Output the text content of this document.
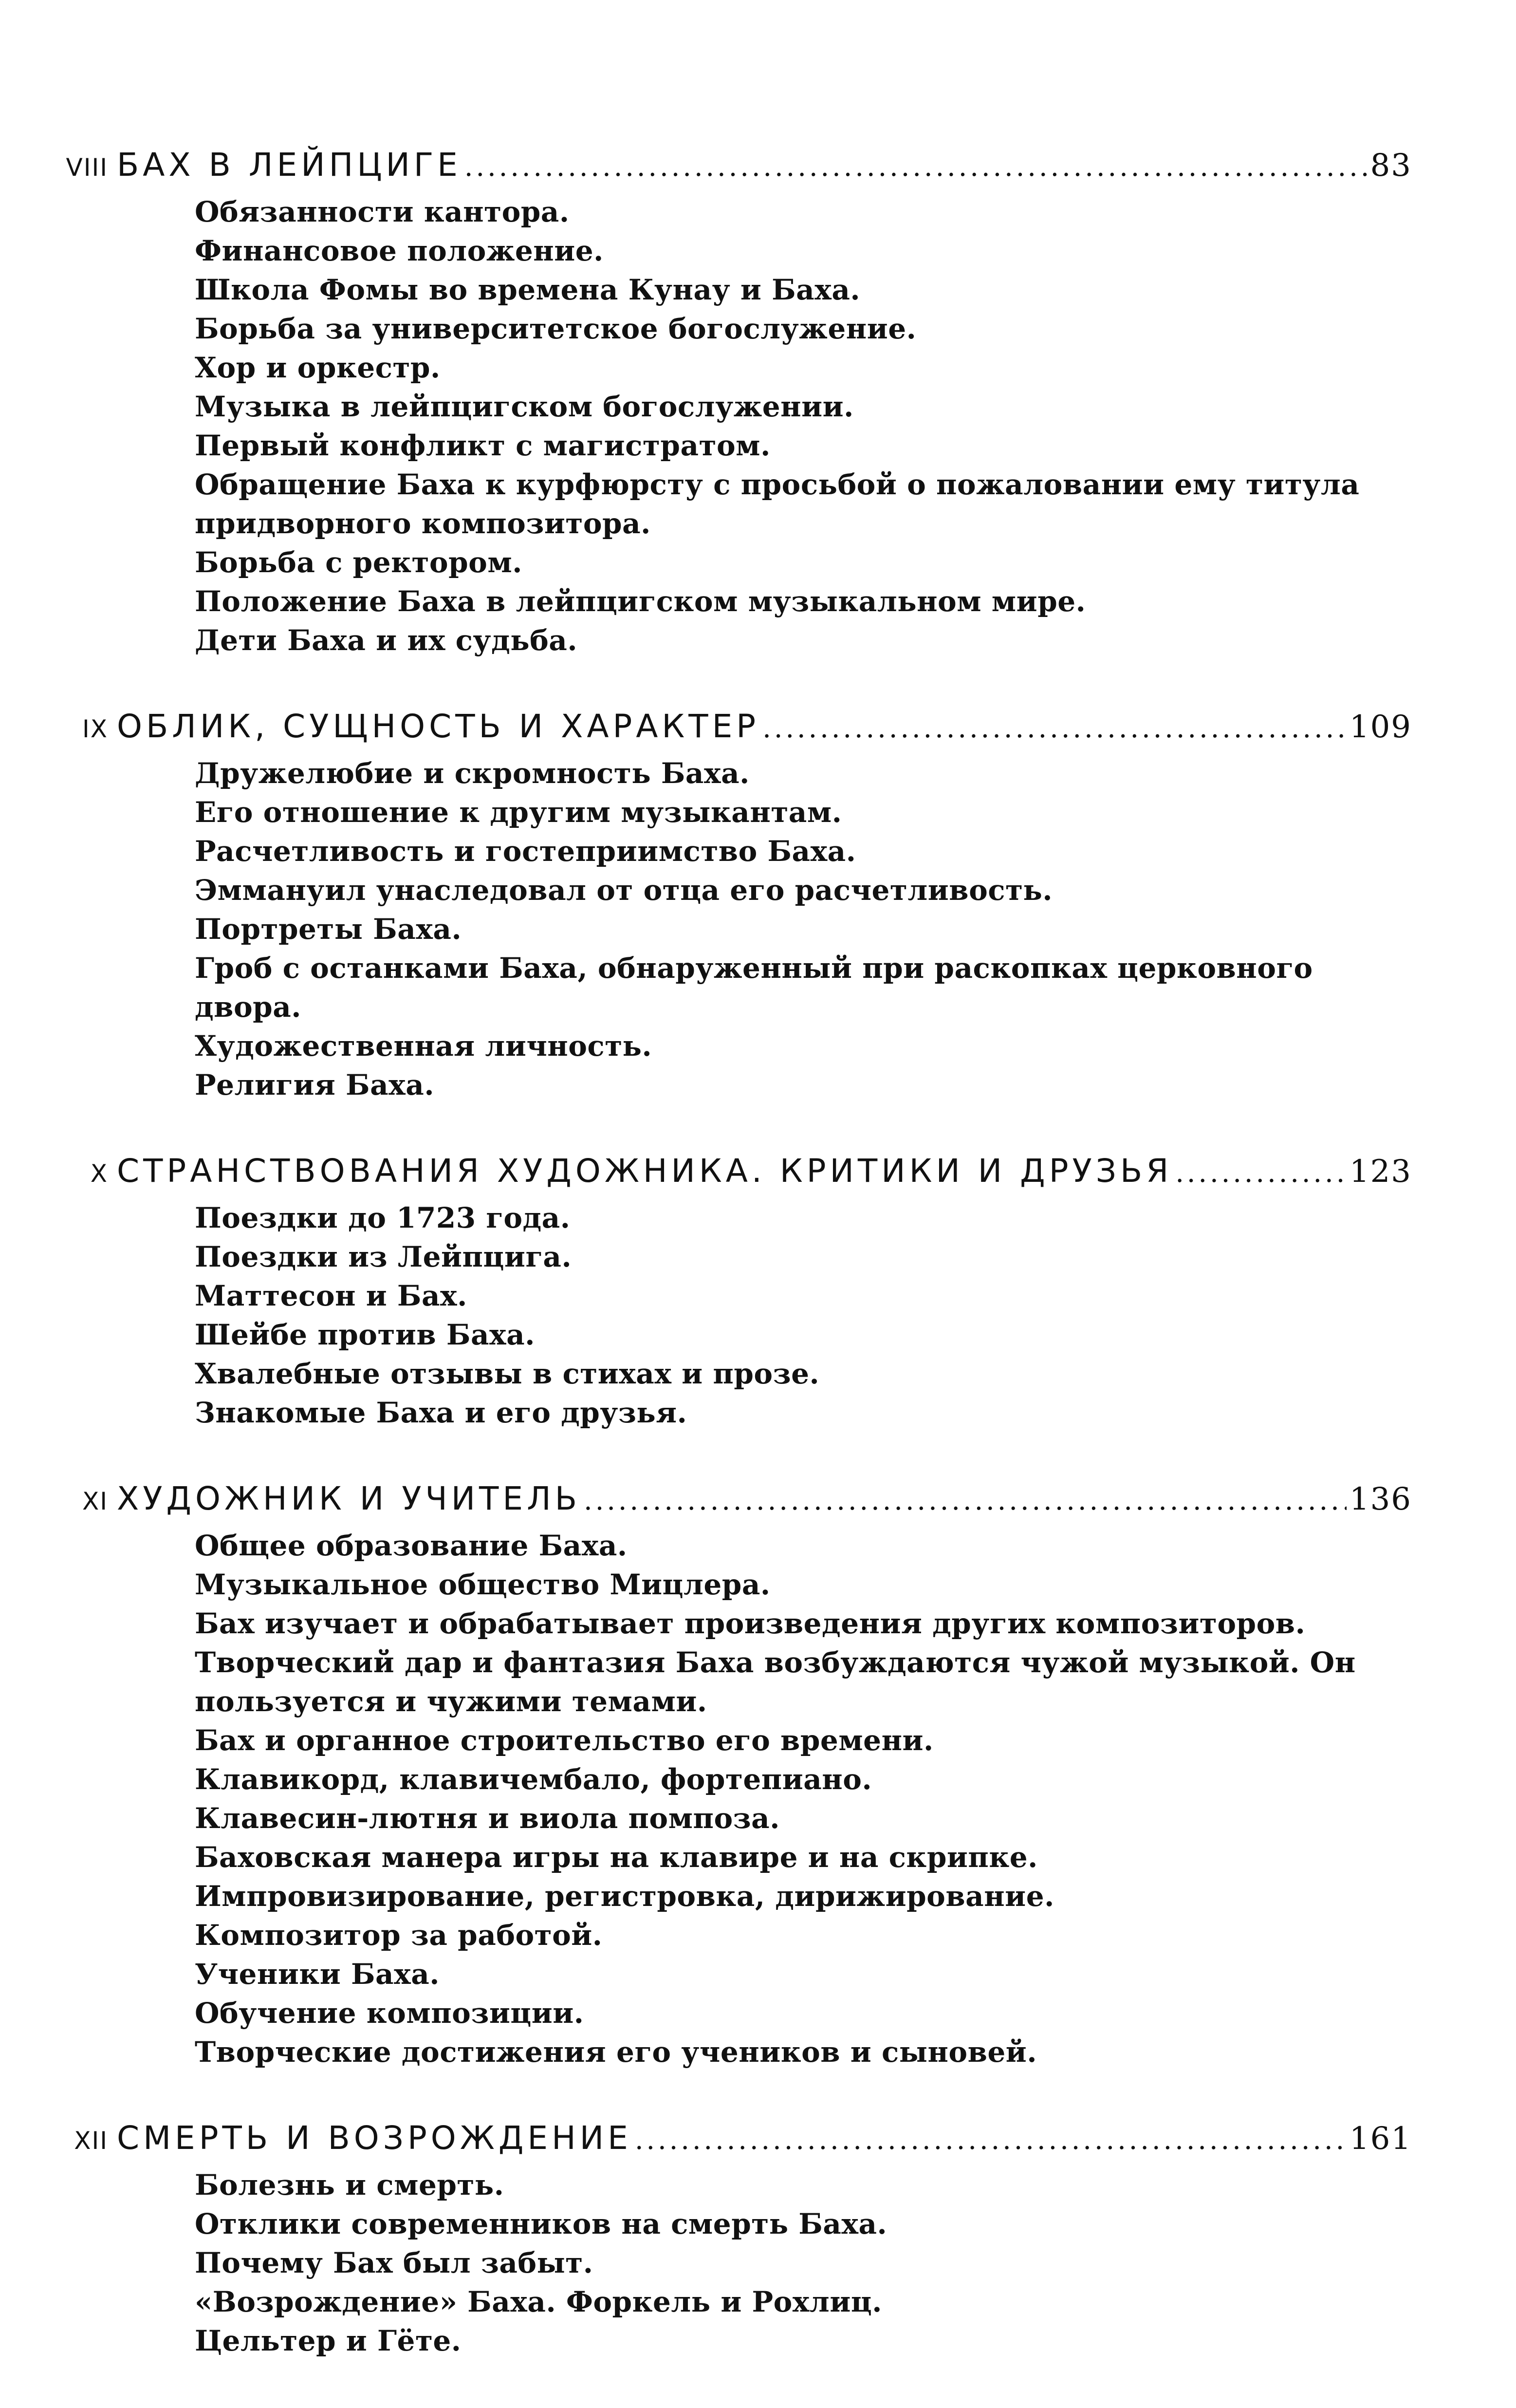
VIII БАХ В ЛЕЙПЦИГЕ . . .	83
Обязанности кантора.
Финансовое положение.
Школа Фомы во времена Кунау и Баха.
Борьба за университетское богослужение.
Хор и оркестр.
Музыка в лейпцигском богослужении.
Первый конфликт с магистратом.
Обращение Баха к курфюрсту с просьбой о пожаловании ему титула придворного композитора.
Борьба с ректором.
Положение Баха в лейпцигском музыкальном мире.
Дети Баха и их судьба.
IX ОБЛИК, СУЩНОСТЬ И ХАРАКТЕР . . .	109
Дружелюбие и скромность Баха.
Его отношение к другим музыкантам.
Расчетливость и гостеприимство Баха.
Эммануил унаследовал от отца его расчетливость.
Портреты Баха.
Гроб с останками Баха, обнаруженный при раскопках церковного двора.
Художественная личность.
Религия Баха.
X СТРАНСТВОВАНИЯ ХУДОЖНИКА. КРИТИКИ И ДРУЗЬЯ . . .	123
Поездки до 1723 года.
Поездки из Лейпцига.
Маттесон и Бах.
Шейбе против Баха.
Хвалебные отзывы в стихах и прозе.
Знакомые Баха и его друзья.
XI ХУДОЖНИК И УЧИТЕЛЬ . . .	136
Общее образование Баха.
Музыкальное общество Мицлера.
Бах изучает и обрабатывает произведения других композиторов.
Творческий дар и фантазия Баха возбуждаются чужой музыкой. Он пользуется и чужими темами.
Бах и органное строительство его времени.
Клавикорд, клавичембало, фортепиано.
Клавесин-лютня и виола помпоза.
Баховская манера игры на клавире и на скрипке.
Импровизирование, регистровка, дирижирование.
Композитор за работой.
Ученики Баха.
Обучение композиции.
Творческие достижения его учеников и сыновей.
XII СМЕРТЬ И ВОЗРОЖДЕНИЕ . . .	161
Болезнь и смерть.
Отклики современников на смерть Баха.
Почему Бах был забыт.
«Возрождение» Баха. Форкель и Рохлиц.
Цельтер и Гёте.
